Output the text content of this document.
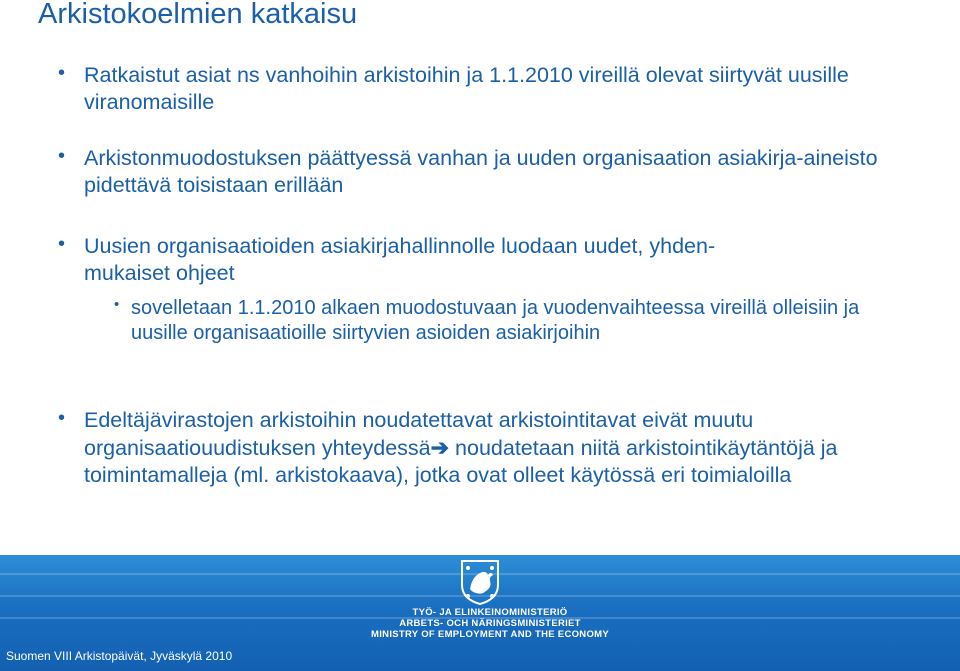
Arkistokoelmien katkaisu
• Ratkaistut asiat ns vanhoihin arkistoihin ja 1.1.2010 vireillä olevat siirtyvät uusille viranomaisille

• Arkistonmuodostuksen päättyessä vanhan ja uuden organisaation asiakirja-aineisto pidettävä toisistaan erillään

• Uusien organisaatioiden asiakirjahallinnolle luodaan uudet, yhden-mukaiset ohjeet

• sovelletaan 1.1.2010 alkaen muodostuvaan ja vuodenvaihteessa vireillä olleisiin ja uusille organisaatioille siirtyvien asioiden asiakirjoihin

• Edeltäjävirastojen arkistoihin noudatettavat arkistointitavat eivät muutu organisaatiouudistuksen yhteydessä➔ noudatetaan niitä arkistointikäytäntöjä ja toimintamalleja (ml. arkistokaava), jotka ovat olleet käytössä eri toimialoilla

TYÖ- JA ELINKEINOMINISTERIÖ
ARBETS- OCH NÄRINGSMINISTERIET
MINISTRY OF EMPLOYMENT AND THE ECONOMY

Suomen VIII Arkistopäivät, Jyväskylä 2010
